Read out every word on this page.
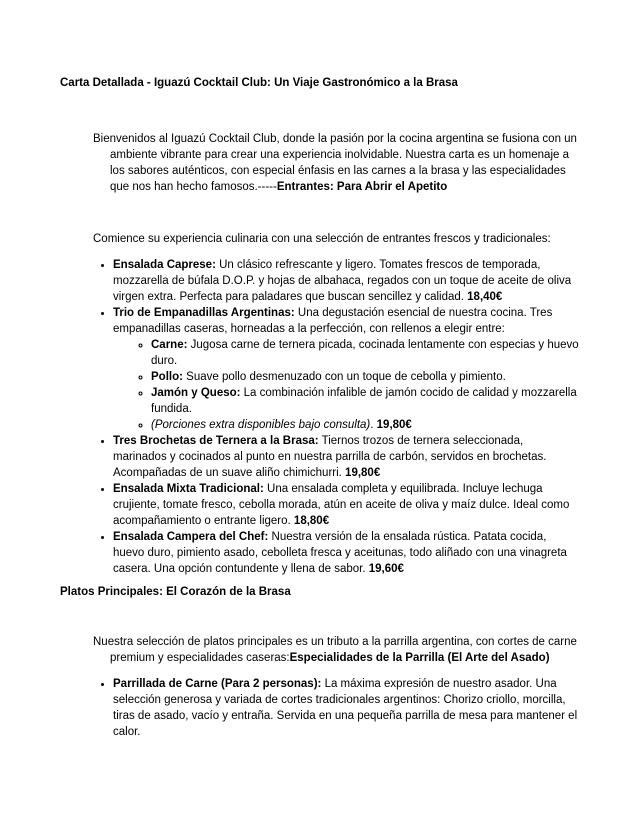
Carta Detallada - Iguazú Cocktail Club: Un Viaje Gastronómico a la Brasa

Bienvenidos al Iguazú Cocktail Club, donde la pasión por la cocina argentina se fusiona con un ambiente vibrante para crear una experiencia inolvidable. Nuestra carta es un homenaje a los sabores auténticos, con especial énfasis en las carnes a la brasa y las especialidades que nos han hecho famosos.-----Entrantes: Para Abrir el Apetito

Comience su experiencia culinaria con una selección de entrantes frescos y tradicionales:

• Ensalada Caprese: Un clásico refrescante y ligero. Tomates frescos de temporada, mozzarella de búfala D.O.P. y hojas de albahaca, regados con un toque de aceite de oliva virgen extra. Perfecta para paladares que buscan sencillez y calidad. 18,40€
• Trio de Empanadillas Argentinas: Una degustación esencial de nuestra cocina. Tres empanadillas caseras, horneadas a la perfección, con rellenos a elegir entre:
◦ Carne: Jugosa carne de ternera picada, cocinada lentamente con especias y huevo duro.
◦ Pollo: Suave pollo desmenuzado con un toque de cebolla y pimiento.
◦ Jamón y Queso: La combinación infalible de jamón cocido de calidad y mozzarella fundida.
◦ (Porciones extra disponibles bajo consulta). 19,80€
• Tres Brochetas de Ternera a la Brasa: Tiernos trozos de ternera seleccionada, marinados y cocinados al punto en nuestra parrilla de carbón, servidos en brochetas. Acompañadas de un suave aliño chimichurri. 19,80€
• Ensalada Mixta Tradicional: Una ensalada completa y equilibrada. Incluye lechuga crujiente, tomate fresco, cebolla morada, atún en aceite de oliva y maíz dulce. Ideal como acompañamiento o entrante ligero. 18,80€
• Ensalada Campera del Chef: Nuestra versión de la ensalada rústica. Patata cocida, huevo duro, pimiento asado, cebolleta fresca y aceitunas, todo aliñado con una vinagreta casera. Una opción contundente y llena de sabor. 19,60€

Platos Principales: El Corazón de la Brasa

Nuestra selección de platos principales es un tributo a la parrilla argentina, con cortes de carne premium y especialidades caseras:Especialidades de la Parrilla (El Arte del Asado)

• Parrillada de Carne (Para 2 personas): La máxima expresión de nuestro asador. Una selección generosa y variada de cortes tradicionales argentinos: Chorizo criollo, morcilla, tiras de asado, vacío y entraña. Servida en una pequeña parrilla de mesa para mantener el calor.
